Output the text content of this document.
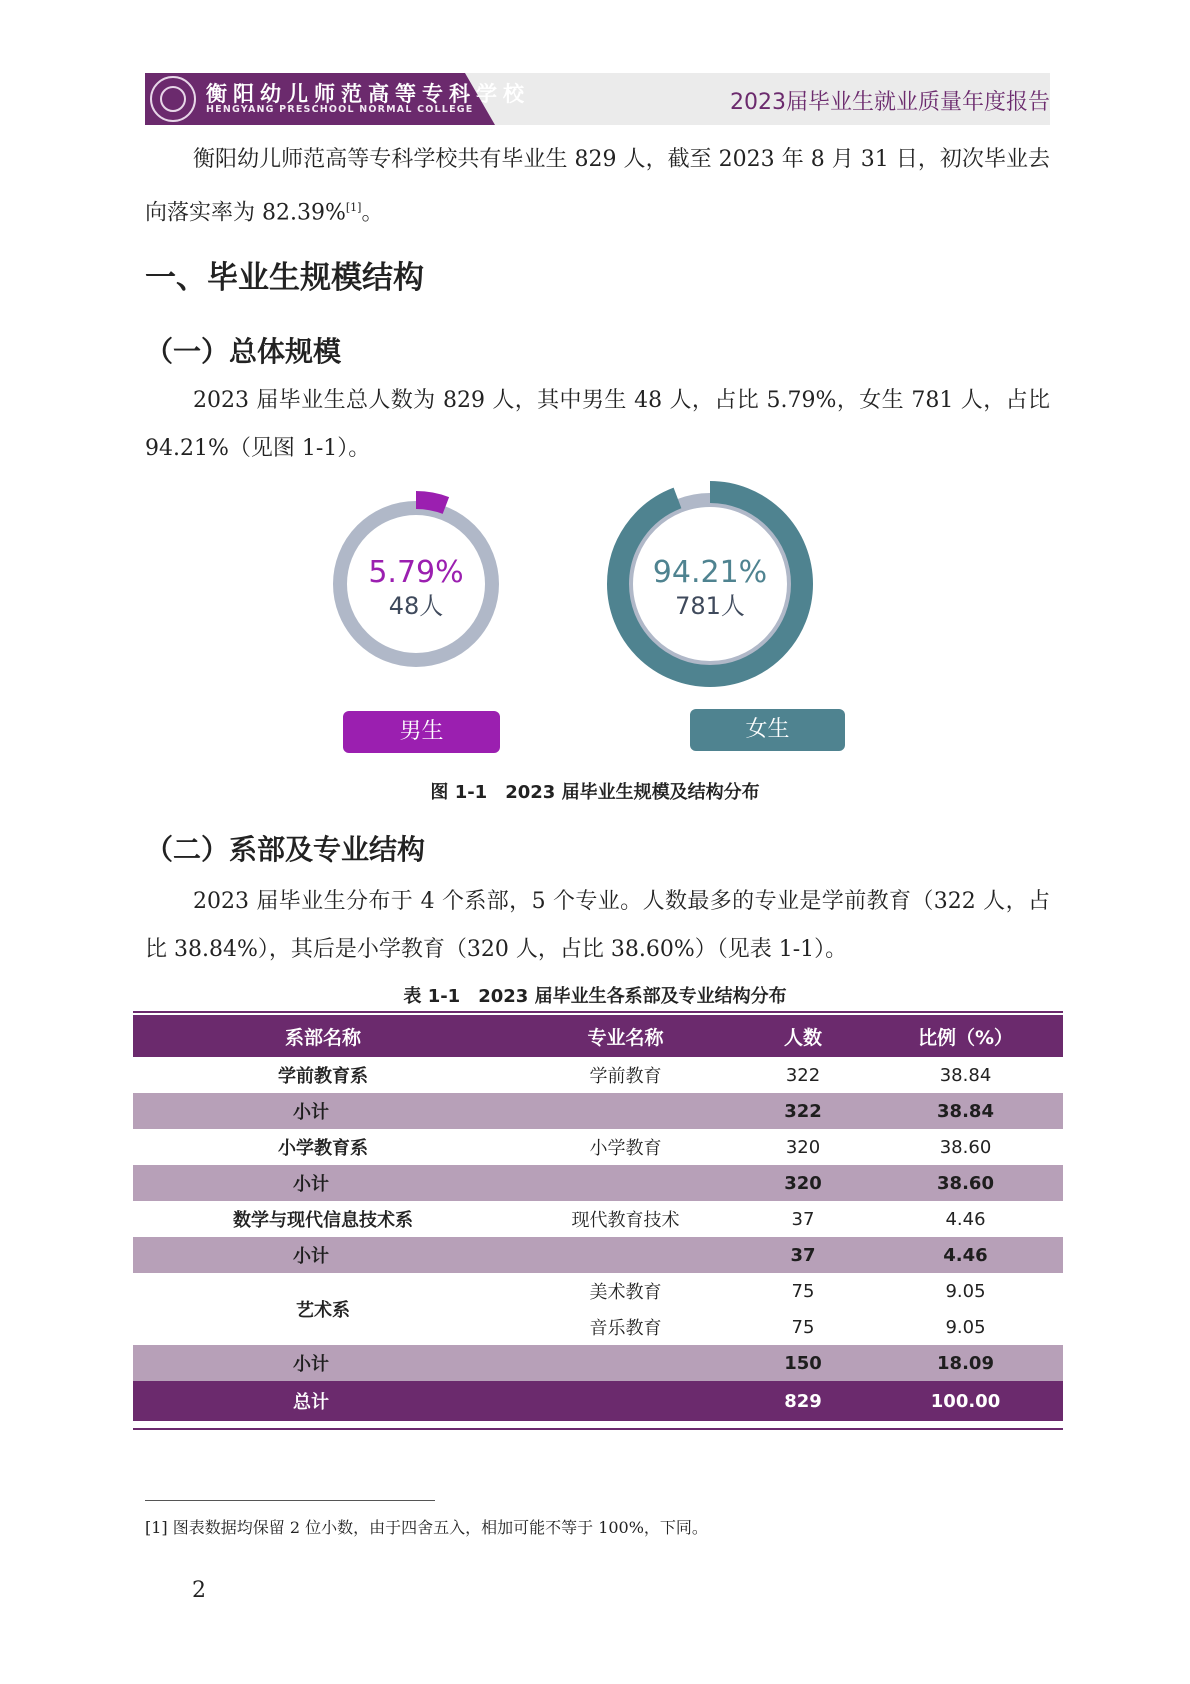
衡阳幼儿师范高等专科学校
HENGYANG PRESCHOOL NORMAL COLLEGE	2023届毕业生就业质量年度报告
衡阳幼儿师范高等专科学校共有毕业生 829 人，截至 2023 年 8 月 31 日，初次毕业去向落实率为 82.39%[1]。
一、毕业生规模结构
（一）总体规模
2023 届毕业生总人数为 829 人，其中男生 48 人，占比 5.79%，女生 781 人，占比 94.21%（见图 1-1）。
5.79%
48人
94.21%
781人
男生	女生
图 1-1　2023 届毕业生规模及结构分布
（二）系部及专业结构
2023 届毕业生分布于 4 个系部，5 个专业。人数最多的专业是学前教育（322 人，占比 38.84%），其后是小学教育（320 人，占比 38.60%）（见表 1-1）。
表 1-1　2023 届毕业生各系部及专业结构分布
系部名称	专业名称	人数	比例（%）
学前教育系	学前教育	322	38.84
小计		322	38.84
小学教育系	小学教育	320	38.60
小计		320	38.60
数学与现代信息技术系	现代教育技术	37	4.46
小计		37	4.46
艺术系	美术教育	75	9.05
	音乐教育	75	9.05
小计		150	18.09
总计		829	100.00
[1] 图表数据均保留 2 位小数，由于四舍五入，相加可能不等于 100%，下同。
2
